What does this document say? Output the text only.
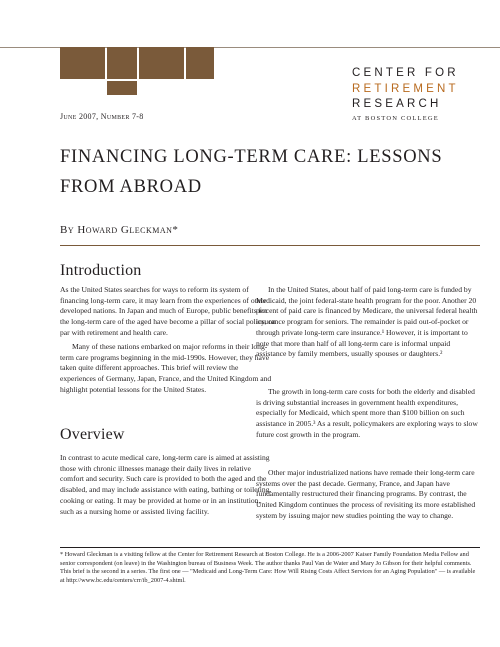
CENTER FOR
RETIREMENT
RESEARCH
AT BOSTON COLLEGE
June 2007, Number 7-8
FINANCING LONG-TERM CARE: LESSONS FROM ABROAD
By Howard Gleckman*
Introduction

As the United States searches for ways to reform its system of financing long-term care, it may learn from the experiences of other developed nations. In Japan and much of Europe, public benefits for the long-term care of the aged have become a pillar of social policy, on par with retirement and health care.

Many of these nations embarked on major reforms in their long-term care programs beginning in the mid-1990s. However, they have taken quite different approaches. This brief will review the experiences of Germany, Japan, France, and the United Kingdom and highlight potential lessons for the United States.

Overview

In contrast to acute medical care, long-term care is aimed at assisting those with chronic illnesses manage their daily lives in relative comfort and security. Such care is provided to both the aged and the disabled, and may include assistance with eating, bathing or toileting, cooking or eating. It may be provided at home or in an institution, such as a nursing home or assisted living facility.

In the United States, about half of paid long-term care is funded by Medicaid, the joint federal-state health program for the poor. Another 20 percent of paid care is financed by Medicare, the universal federal health insurance program for seniors. The remainder is paid out-of-pocket or through private long-term care insurance.¹ However, it is important to note that more than half of all long-term care is informal unpaid assistance by family members, usually spouses or daughters.²

The growth in long-term care costs for both the elderly and disabled is driving substantial increases in government health expenditures, especially for Medicaid, which spent more than $100 billion on such assistance in 2005.³ As a result, policymakers are exploring ways to slow future cost growth in the program.

Other major industrialized nations have remade their long-term care systems over the past decade. Germany, France, and Japan have fundamentally restructured their financing programs. By contrast, the United Kingdom continues the process of revisiting its more established system by issuing major new studies pointing the way to change.

* Howard Gleckman is a visiting fellow at the Center for Retirement Research at Boston College. He is a 2006-2007 Kaiser Family Foundation Media Fellow and senior correspondent (on leave) in the Washington bureau of Business Week. The author thanks Paul Van de Water and Mary Jo Gibson for their helpful comments. This brief is the second in a series. The first one — "Medicaid and Long-Term Care: How Will Rising Costs Affect Services for an Aging Population" — is available at http://www.bc.edu/centers/crr/ib_2007-4.shtml.
